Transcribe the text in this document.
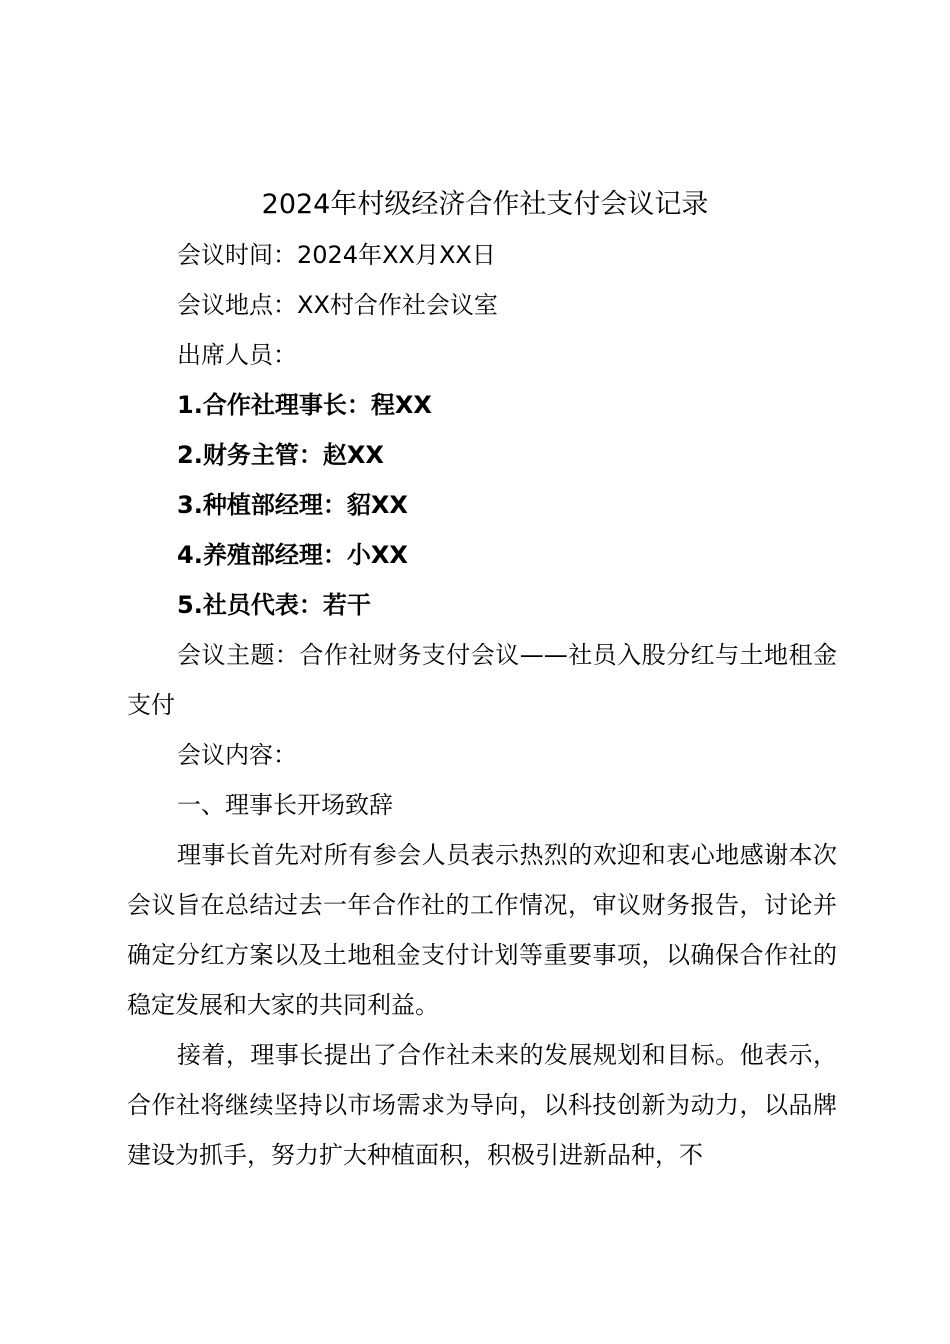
2024年村级经济合作社支付会议记录

会议时间：2024年XX月XX日

会议地点：XX村合作社会议室

出席人员：

1.合作社理事长：程XX

2.财务主管：赵XX

3.种植部经理：貂XX

4.养殖部经理：小XX

5.社员代表：若干

会议主题：合作社财务支付会议——社员入股分红与土地租金支付

会议内容：

一、理事长开场致辞

理事长首先对所有参会人员表示热烈的欢迎和衷心地感谢本次会议旨在总结过去一年合作社的工作情况，审议财务报告，讨论并确定分红方案以及土地租金支付计划等重要事项，以确保合作社的稳定发展和大家的共同利益。

接着，理事长提出了合作社未来的发展规划和目标。他表示，合作社将继续坚持以市场需求为导向，以科技创新为动力，以品牌建设为抓手，努力扩大种植面积，积极引进新品种，不
